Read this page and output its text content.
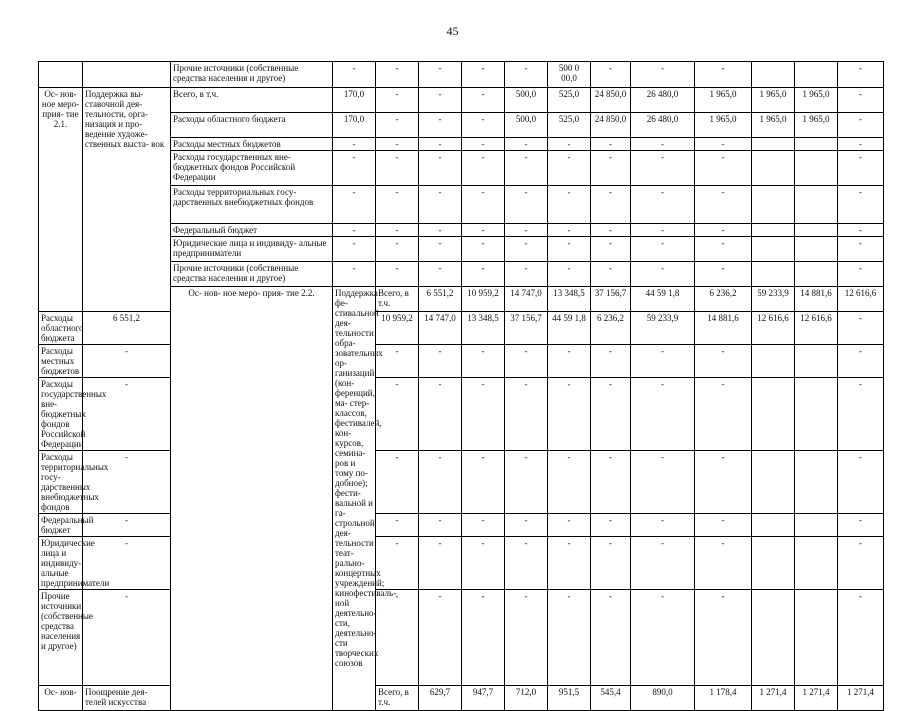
45
		Прочие источники (собственные средства населения и другое)	-	-	-	-	-	500 0 00,0	-	-	-			-	
Ос- нов- ное меро- прия- тие 2.1.	Поддержка вы- ставочной дея- тельности, орга- низация и про- ведение художе- ственных выста- вок	Всего, в т.ч.	170,0	-	-	-	500,0	525,0	24 850,0	26 480,0	1 965,0	1 965,0	1 965,0	-	
		Расходы областного бюджета	170,0	-	-	-	500,0	525,0	24 850,0	26 480,0	1 965,0	1 965,0	1 965,0	-	
		Расходы местных бюджетов	-	-	-	-	-	-	-	-	-			-	
		Расходы государственных вне- бюджетных фондов Российской Федерации	-	-	-	-	-	-	-	-	-			-	
		Расходы территориальных госу- дарственных внебюджетных фондов	-	-	-	-	-	-	-	-	-			-	
		Федеральный бюджет	-	-	-	-	-	-	-	-	-			-	
		Юридические лица и индивиду- альные предприниматели	-	-	-	-	-	-	-	-	-			-	
		Прочие источники (собственные средства населения и другое)	-	-	-	-	-	-	-	-	-			-	
		Ос- нов- ное меро- прия- тие 2.2.	Поддержка фе- стивальной дея- тельности обра- зовательных ор- ганизаций (кон- ференций, ма- стер-классов, фестивалей, кон- курсов, семина- ров и тому по- добное); фести- вальной и га- строльной дея- тельности теат- рально- концертных учреждений; кинофестиваль- ной деятельно- сти, деятельно- сти творческих союзов	Всего, в т.ч.	6 551,2	10 959,2	14 747,0	13 348,5	37 156,7	44 59 1,8	6 236,2	59 233,9	14 881,6	12 616,6		
Расходы областного бюджета	6 551,2			10 959,2	14 747,0	13 348,5	37 156,7	44 59 1,8	6 236,2	59 233,9	14 881,6	12 616,6	12 616,6	-	
Расходы местных бюджетов	-			-	-	-	-	-	-	-	-			-	
Расходы государственных вне- бюджетных фондов Российской Федерации	-			-	-	-	-	-	-	-	-			-	
Расходы территориальных госу- дарственных внебюджетных фондов	-			-	-	-	-	-	-	-	-			-	
Федеральный бюджет	-			-	-	-	-	-	-	-	-			-	
Юридические лица и индивиду- альные предприниматели	-			-	-	-	-	-	-	-	-			-	
Прочие источники (собственные средства населения и другое)	-			-	-	-	-	-	-	-	-			-	
Ос- нов-	Поощрение дея- телей искусства			Всего, в т.ч.	629,7	947,7	712,0	951,5	545,4	890,0	1 178,4	1 271,4	1 271,4	1 271,4		
